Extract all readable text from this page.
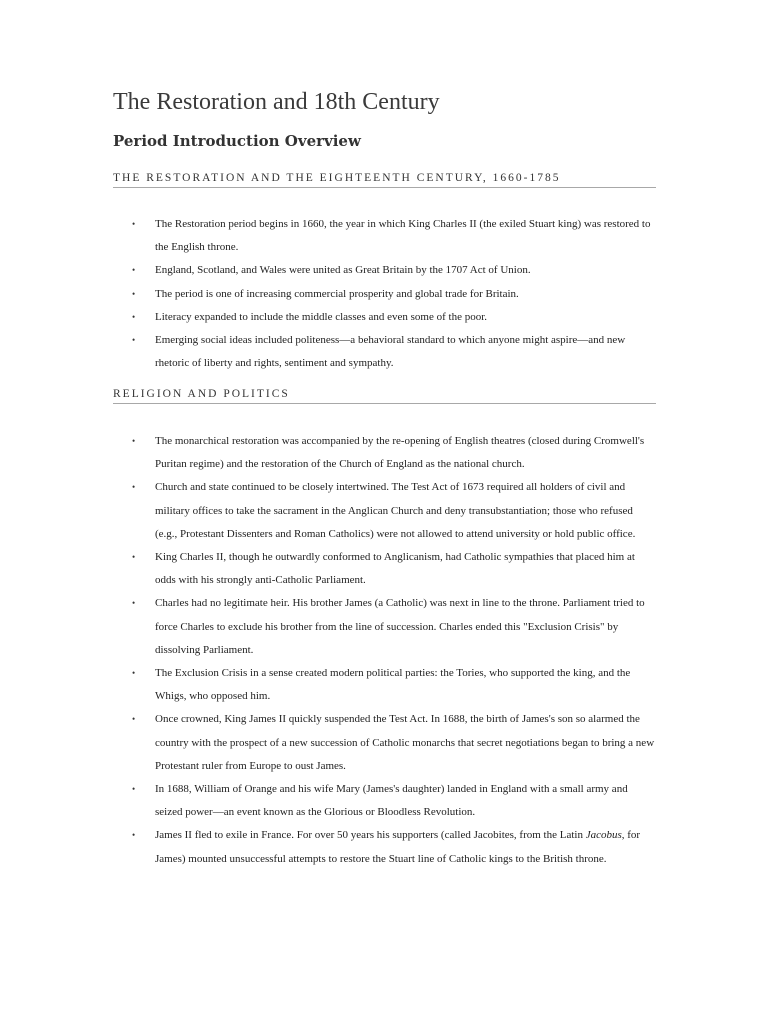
The Restoration and 18th Century
Period Introduction Overview
THE RESTORATION AND THE EIGHTEENTH CENTURY, 1660-1785
• The Restoration period begins in 1660, the year in which King Charles II (the exiled Stuart king) was restored to the English throne.
• England, Scotland, and Wales were united as Great Britain by the 1707 Act of Union.
• The period is one of increasing commercial prosperity and global trade for Britain.
• Literacy expanded to include the middle classes and even some of the poor.
• Emerging social ideas included politeness—a behavioral standard to which anyone might aspire—and new rhetoric of liberty and rights, sentiment and sympathy.
RELIGION AND POLITICS
• The monarchical restoration was accompanied by the re-opening of English theatres (closed during Cromwell's Puritan regime) and the restoration of the Church of England as the national church.
• Church and state continued to be closely intertwined. The Test Act of 1673 required all holders of civil and military offices to take the sacrament in the Anglican Church and deny transubstantiation; those who refused (e.g., Protestant Dissenters and Roman Catholics) were not allowed to attend university or hold public office.
• King Charles II, though he outwardly conformed to Anglicanism, had Catholic sympathies that placed him at odds with his strongly anti-Catholic Parliament.
• Charles had no legitimate heir. His brother James (a Catholic) was next in line to the throne. Parliament tried to force Charles to exclude his brother from the line of succession. Charles ended this "Exclusion Crisis" by dissolving Parliament.
• The Exclusion Crisis in a sense created modern political parties: the Tories, who supported the king, and the Whigs, who opposed him.
• Once crowned, King James II quickly suspended the Test Act. In 1688, the birth of James's son so alarmed the country with the prospect of a new succession of Catholic monarchs that secret negotiations began to bring a new Protestant ruler from Europe to oust James.
• In 1688, William of Orange and his wife Mary (James's daughter) landed in England with a small army and seized power—an event known as the Glorious or Bloodless Revolution.
• James II fled to exile in France. For over 50 years his supporters (called Jacobites, from the Latin Jacobus, for James) mounted unsuccessful attempts to restore the Stuart line of Catholic kings to the British throne.
